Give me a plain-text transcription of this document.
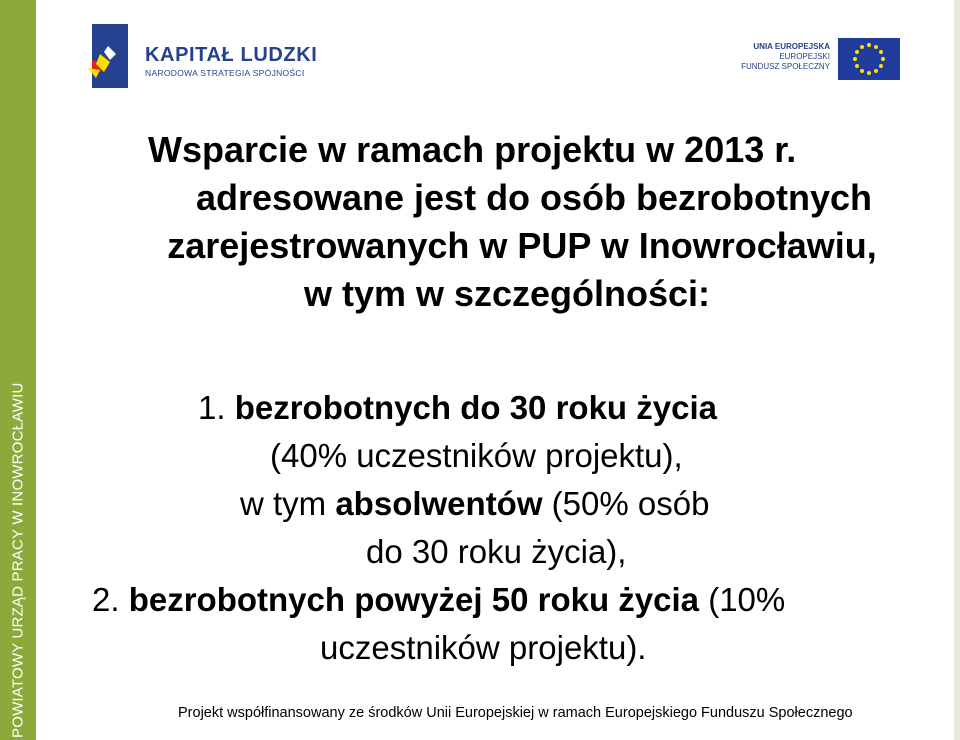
POWIATOWY URZĄD PRACY W INOWROCŁAWIU
KAPITAŁ LUDZKI
NARODOWA STRATEGIA SPÓJNOŚCI
UNIA EUROPEJSKA
EUROPEJSKI
FUNDUSZ SPOŁECZNY
Wsparcie w ramach projektu w 2013 r.
adresowane jest do osób bezrobotnych
zarejestrowanych w PUP w Inowrocławiu,
w tym w szczególności:
1. bezrobotnych do 30 roku życia
(40% uczestników projektu),
w tym absolwentów (50% osób
do 30 roku życia),
2. bezrobotnych powyżej 50 roku życia (10%
uczestników projektu).
Projekt współfinansowany ze środków Unii Europejskiej w ramach Europejskiego Funduszu Społecznego
